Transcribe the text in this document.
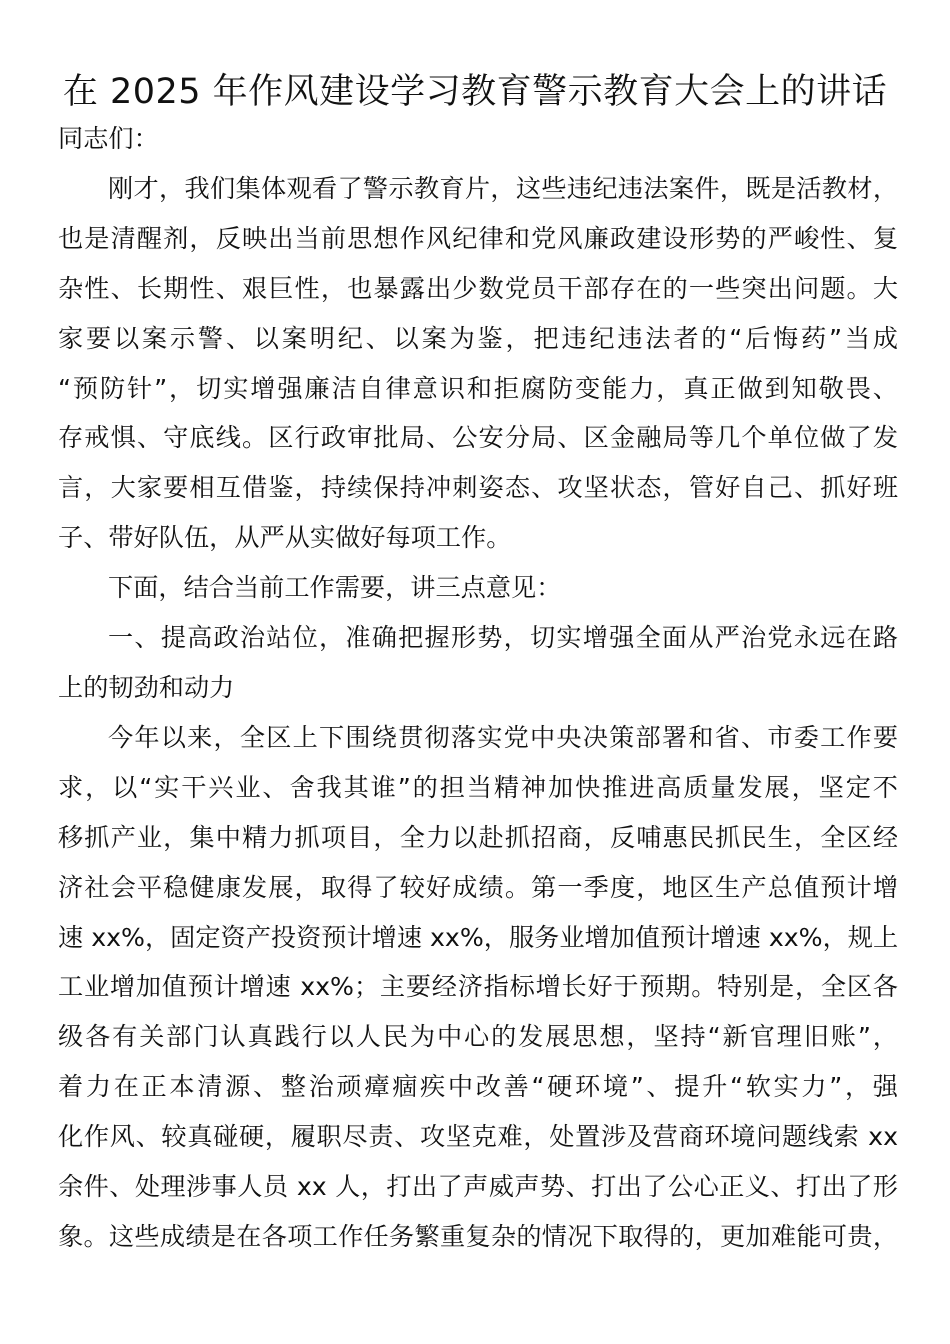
在 2025 年作风建设学习教育警示教育大会上的讲话

同志们：

刚才，我们集体观看了警示教育片，这些违纪违法案件，既是活教材，
也是清醒剂，反映出当前思想作风纪律和党风廉政建设形势的严峻性、复
杂性、长期性、艰巨性，也暴露出少数党员干部存在的一些突出问题。大
家要以案示警、以案明纪、以案为鉴，把违纪违法者的“后悔药”当成
“预防针”，切实增强廉洁自律意识和拒腐防变能力，真正做到知敬畏、
存戒惧、守底线。区行政审批局、公安分局、区金融局等几个单位做了发
言，大家要相互借鉴，持续保持冲刺姿态、攻坚状态，管好自己、抓好班
子、带好队伍，从严从实做好每项工作。

下面，结合当前工作需要，讲三点意见：

一、提高政治站位，准确把握形势，切实增强全面从严治党永远在路
上的韧劲和动力

今年以来，全区上下围绕贯彻落实党中央决策部署和省、市委工作要
求，以“实干兴业、舍我其谁”的担当精神加快推进高质量发展，坚定不
移抓产业，集中精力抓项目，全力以赴抓招商，反哺惠民抓民生，全区经
济社会平稳健康发展，取得了较好成绩。第一季度，地区生产总值预计增
速 xx%，固定资产投资预计增速 xx%，服务业增加值预计增速 xx%，规上
工业增加值预计增速 xx%；主要经济指标增长好于预期。特别是，全区各
级各有关部门认真践行以人民为中心的发展思想，坚持“新官理旧账”，
着力在正本清源、整治顽瘴痼疾中改善“硬环境”、提升“软实力”，强
化作风、较真碰硬，履职尽责、攻坚克难，处置涉及营商环境问题线索 xx
余件、处理涉事人员 xx 人，打出了声威声势、打出了公心正义、打出了形
象。这些成绩是在各项工作任务繁重复杂的情况下取得的，更加难能可贵，
